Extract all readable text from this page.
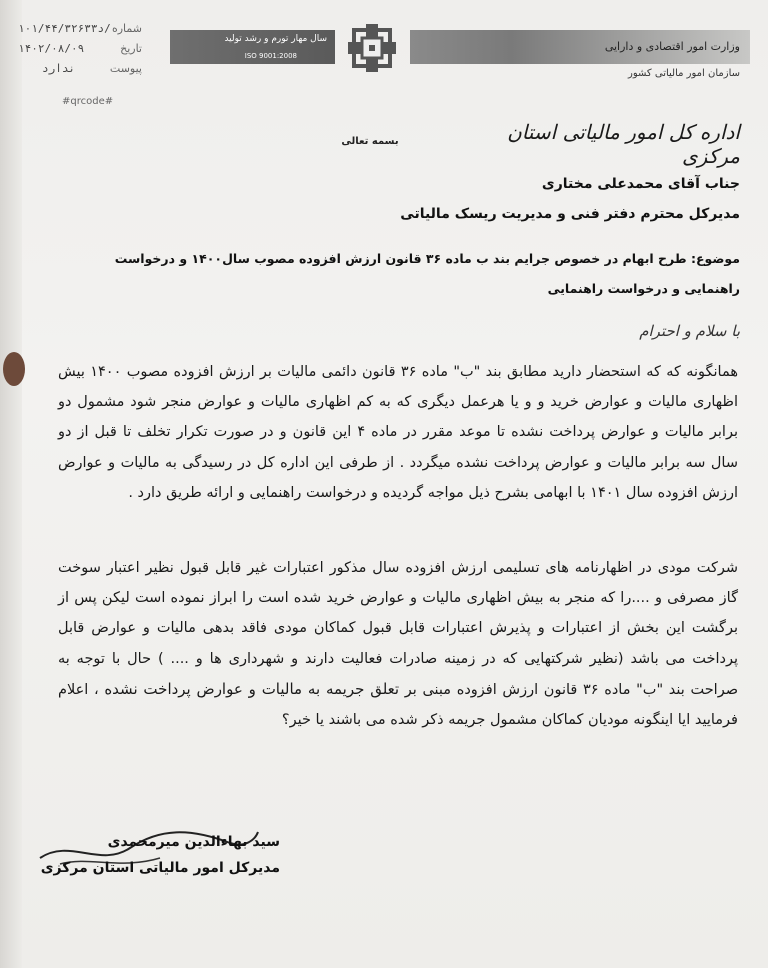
۱۰۱/۴۴/۳۲۶۳۳د/ شماره
۱۴۰۲/۰۸/۰۹	تاریخ
ندارد	پیوست
#qrcode#
سال مهار تورم و رشد تولید
ISO 9001:2008
وزارت امور اقتصادی و دارایی
سازمان امور مالیاتی کشور
بسمه تعالی	اداره کل امور مالیاتی استان مرکزی
جناب آقای محمدعلی مختاری
مدیرکل محترم دفتر فنی و مدیریت ریسک مالیاتی
موضوع: طرح ابهام در خصوص جرایم بند ب ماده ۳۶ قانون ارزش افزوده مصوب سال۱۴۰۰ و درخواست راهنمایی و درخواست راهنمایی
با سلام و احترام
همانگونه که که استحضار دارید مطابق بند "ب" ماده ۳۶ قانون دائمی مالیات بر ارزش افزوده مصوب ۱۴۰۰ بیش اظهاری مالیات و عوارض خرید و و یا هرعمل دیگری که به کم اظهاری مالیات و عوارض منجر شود مشمول دو برابر مالیات و عوارض پرداخت نشده تا موعد مقرر در ماده ۴ این قانون و در صورت تکرار تخلف تا قبل از دو سال سه برابر مالیات و عوارض پرداخت نشده میگردد . از طرفی این اداره کل در رسیدگی به مالیات و عوارض ارزش افزوده سال ۱۴۰۱ با ابهامی بشرح ذیل مواجه گردیده و درخواست راهنمایی و ارائه طریق دارد .
شرکت مودی در اظهارنامه های تسلیمی ارزش افزوده سال مذکور اعتبارات غیر قابل قبول نظیر اعتبار سوخت گاز مصرفی و ....را که منجر به بیش اظهاری مالیات و عوارض خرید شده است را ابراز نموده است لیکن پس از برگشت این بخش از اعتبارات و پذیرش اعتبارات قابل قبول کماکان مودی فاقد بدهی مالیات و عوارض قابل پرداخت می باشد (نظیر شرکتهایی که در زمینه صادرات فعالیت دارند و شهرداری ها و .... ) حال با توجه به صراحت بند "ب" ماده ۳۶ قانون ارزش افزوده مبنی بر تعلق جریمه به مالیات و عوارض پرداخت نشده ، اعلام فرمایید ایا اینگونه مودیان کماکان مشمول جریمه ذکر شده می باشند یا خیر؟
سید بهاءالدین میرمحمدی
مدیرکل امور مالیاتی استان مرکزی
